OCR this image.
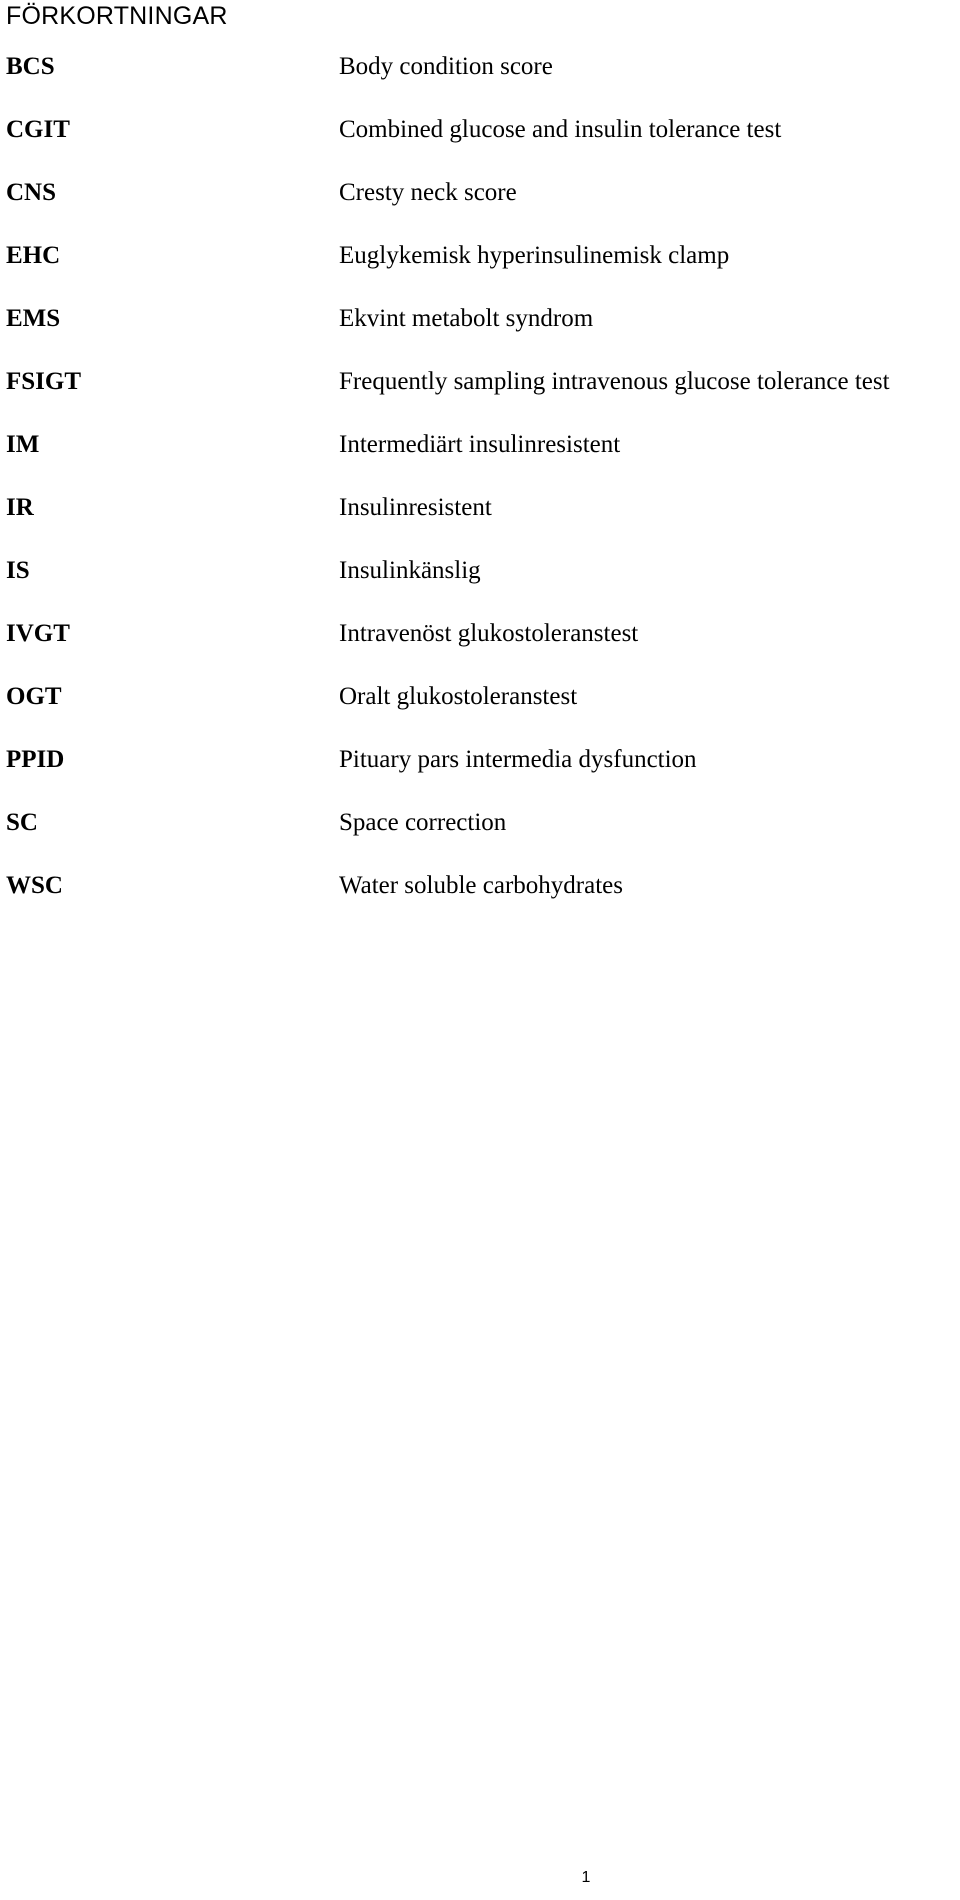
FÖRKORTNINGAR
BCS	Body condition score
CGIT	Combined glucose and insulin tolerance test
CNS	Cresty neck score
EHC	Euglykemisk hyperinsulinemisk clamp
EMS	Ekvint metabolt syndrom
FSIGT	Frequently sampling intravenous glucose tolerance test
IM	Intermediärt insulinresistent
IR	Insulinresistent
IS	Insulinkänslig
IVGT	Intravenöst glukostoleranstest
OGT	Oralt glukostoleranstest
PPID	Pituary pars intermedia dysfunction
SC	Space correction
WSC	Water soluble carbohydrates
1
